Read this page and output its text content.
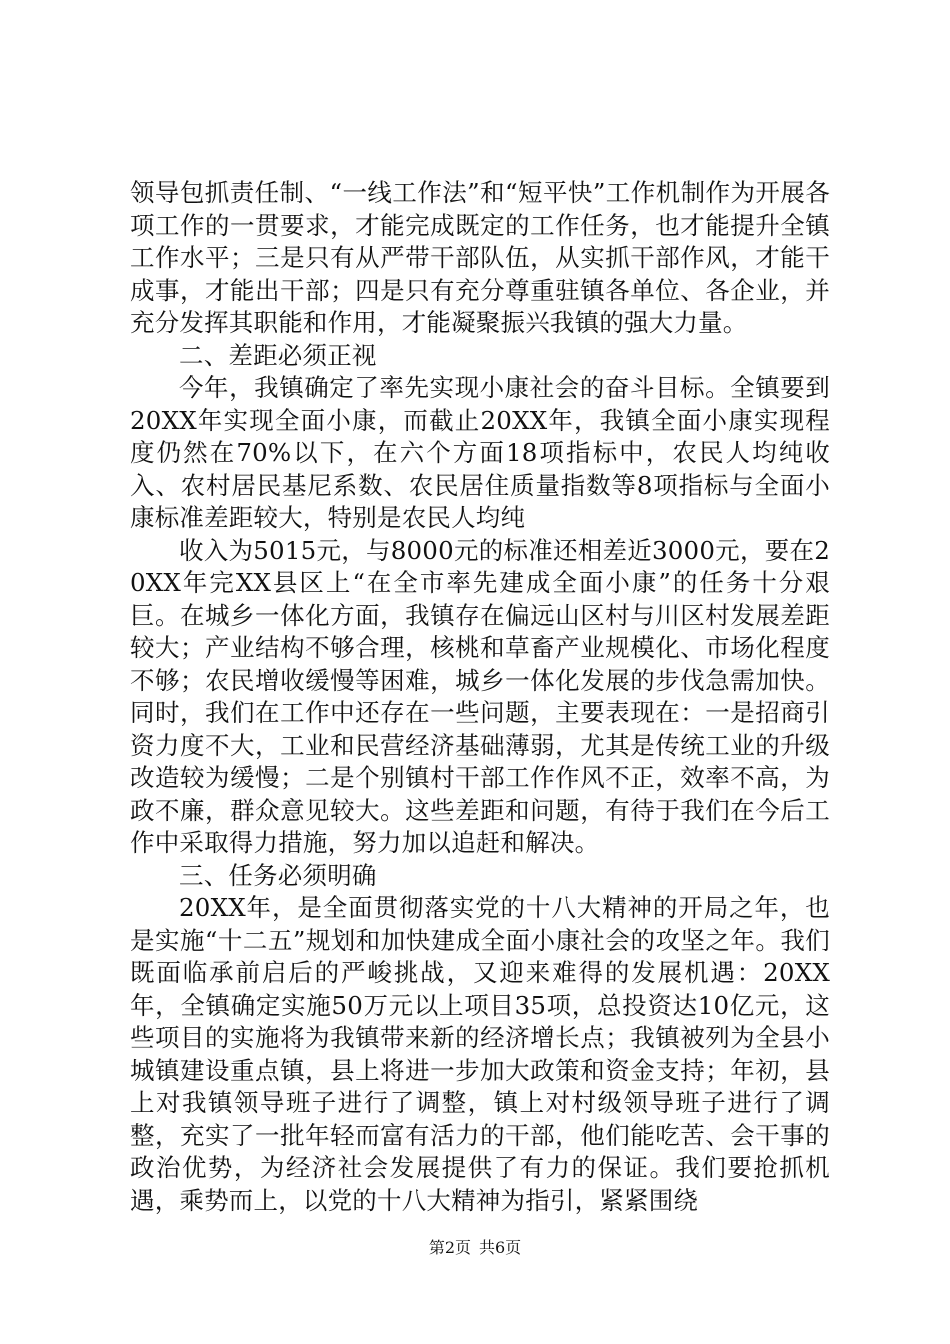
领导包抓责任制、“一线工作法”和“短平快”工作机制作为开展各项工作的一贯要求，才能完成既定的工作任务，也才能提升全镇工作水平；三是只有从严带干部队伍，从实抓干部作风，才能干成事，才能出干部；四是只有充分尊重驻镇各单位、各企业，并充分发挥其职能和作用，才能凝聚振兴我镇的强大力量。

二、差距必须正视

今年，我镇确定了率先实现小康社会的奋斗目标。全镇要到20XX年实现全面小康，而截止20XX年，我镇全面小康实现程度仍然在70%以下，在六个方面18项指标中，农民人均纯收入、农村居民基尼系数、农民居住质量指数等8项指标与全面小康标准差距较大，特别是农民人均纯

收入为5015元，与8000元的标准还相差近3000元，要在20XX年完XX县区上“在全市率先建成全面小康”的任务十分艰巨。在城乡一体化方面，我镇存在偏远山区村与川区村发展差距较大；产业结构不够合理，核桃和草畜产业规模化、市场化程度不够；农民增收缓慢等困难，城乡一体化发展的步伐急需加快。同时，我们在工作中还存在一些问题，主要表现在：一是招商引资力度不大，工业和民营经济基础薄弱，尤其是传统工业的升级改造较为缓慢；二是个别镇村干部工作作风不正，效率不高，为政不廉，群众意见较大。这些差距和问题，有待于我们在今后工作中采取得力措施，努力加以追赶和解决。

三、任务必须明确

20XX年，是全面贯彻落实党的十八大精神的开局之年，也是实施“十二五”规划和加快建成全面小康社会的攻坚之年。我们既面临承前启后的严峻挑战，又迎来难得的发展机遇：20XX年，全镇确定实施50万元以上项目35项，总投资达10亿元，这些项目的实施将为我镇带来新的经济增长点；我镇被列为全县小城镇建设重点镇，县上将进一步加大政策和资金支持；年初，县上对我镇领导班子进行了调整，镇上对村级领导班子进行了调整，充实了一批年轻而富有活力的干部，他们能吃苦、会干事的政治优势，为经济社会发展提供了有力的保证。我们要抢抓机遇，乘势而上，以党的十八大精神为指引，紧紧围绕

第2页 共6页
